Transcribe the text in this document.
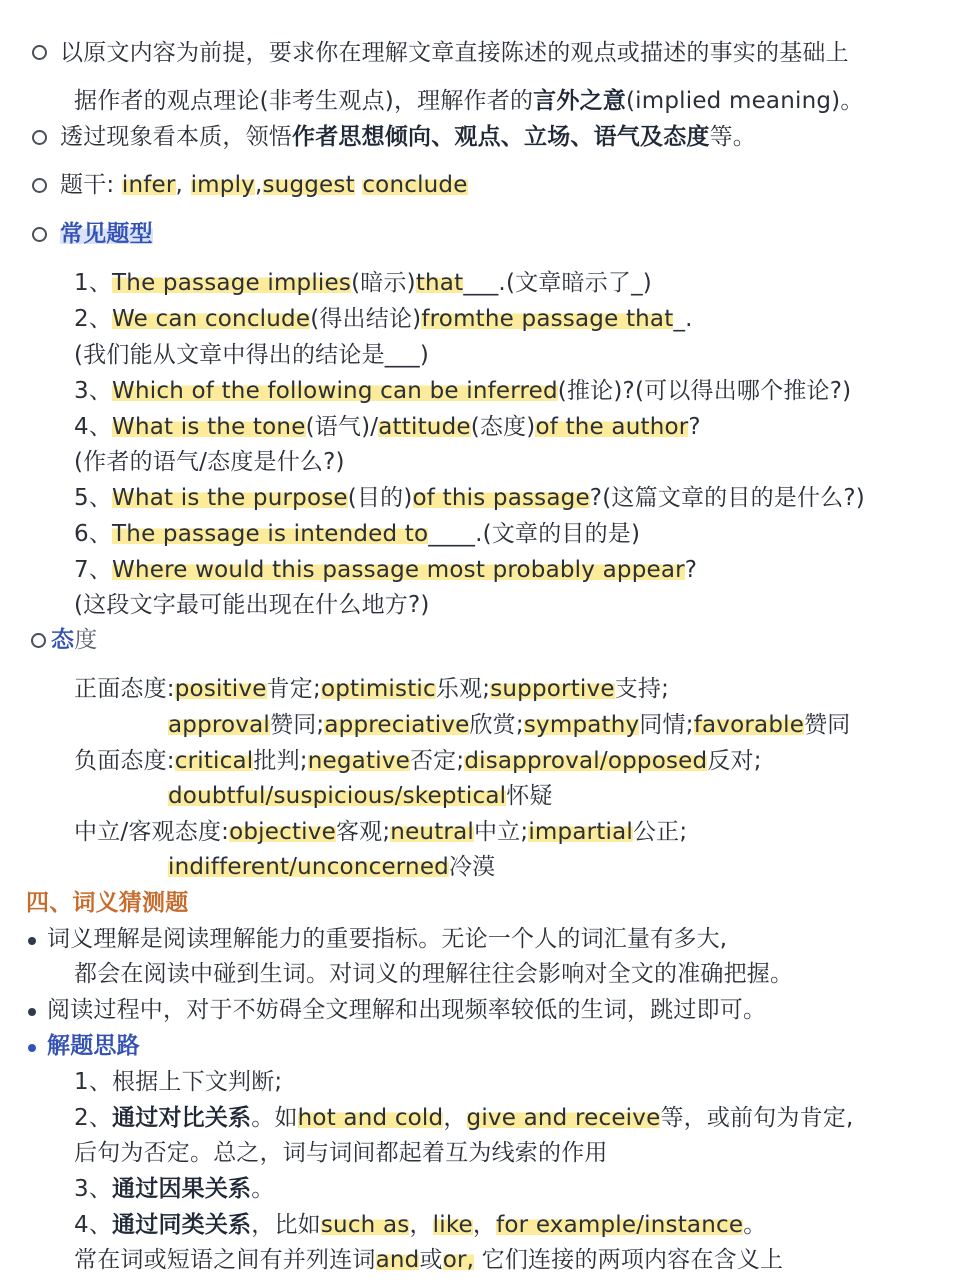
以原文内容为前提，要求你在理解文章直接陈述的观点或描述的事实的基础上
据作者的观点理论(非考生观点)，理解作者的言外之意(implied meaning)。
透过现象看本质，领悟作者思想倾向、观点、立场、语气及态度等。
题干: infer, imply,suggest conclude
常见题型
1、The passage implies(暗示)that___.(文章暗示了_)
2、We can conclude(得出结论)fromthe passage that_.
(我们能从文章中得出的结论是___)
3、Which of the following can be inferred(推论)?(可以得出哪个推论?)
4、What is the tone(语气)/attitude(态度)of the author?
(作者的语气/态度是什么?)
5、What is the purpose(目的)of this passage?(这篇文章的目的是什么?)
6、The passage is intended to____.(文章的目的是)
7、Where would this passage most probably appear?
(这段文字最可能出现在什么地方?)
态度
正面态度:positive肯定;optimistic乐观;supportive支持;
approval赞同;appreciative欣赏;sympathy同情;favorable赞同
负面态度:critical批判;negative否定;disapproval/opposed反对;
doubtful/suspicious/skeptical怀疑
中立/客观态度:objective客观;neutral中立;impartial公正;
indifferent/unconcerned冷漠
四、词义猜测题
词义理解是阅读理解能力的重要指标。无论一个人的词汇量有多大,
都会在阅读中碰到生词。对词义的理解往往会影响对全文的准确把握。
阅读过程中，对于不妨碍全文理解和出现频率较低的生词，跳过即可。
解题思路
1、根据上下文判断;
2、通过对比关系。如hot and cold，give and receive等，或前句为肯定,
后句为否定。总之，词与词间都起着互为线索的作用
3、通过因果关系。
4、通过同类关系，比如such as，like，for example/instance。
常在词或短语之间有并列连词and或or, 它们连接的两项内容在含义上
